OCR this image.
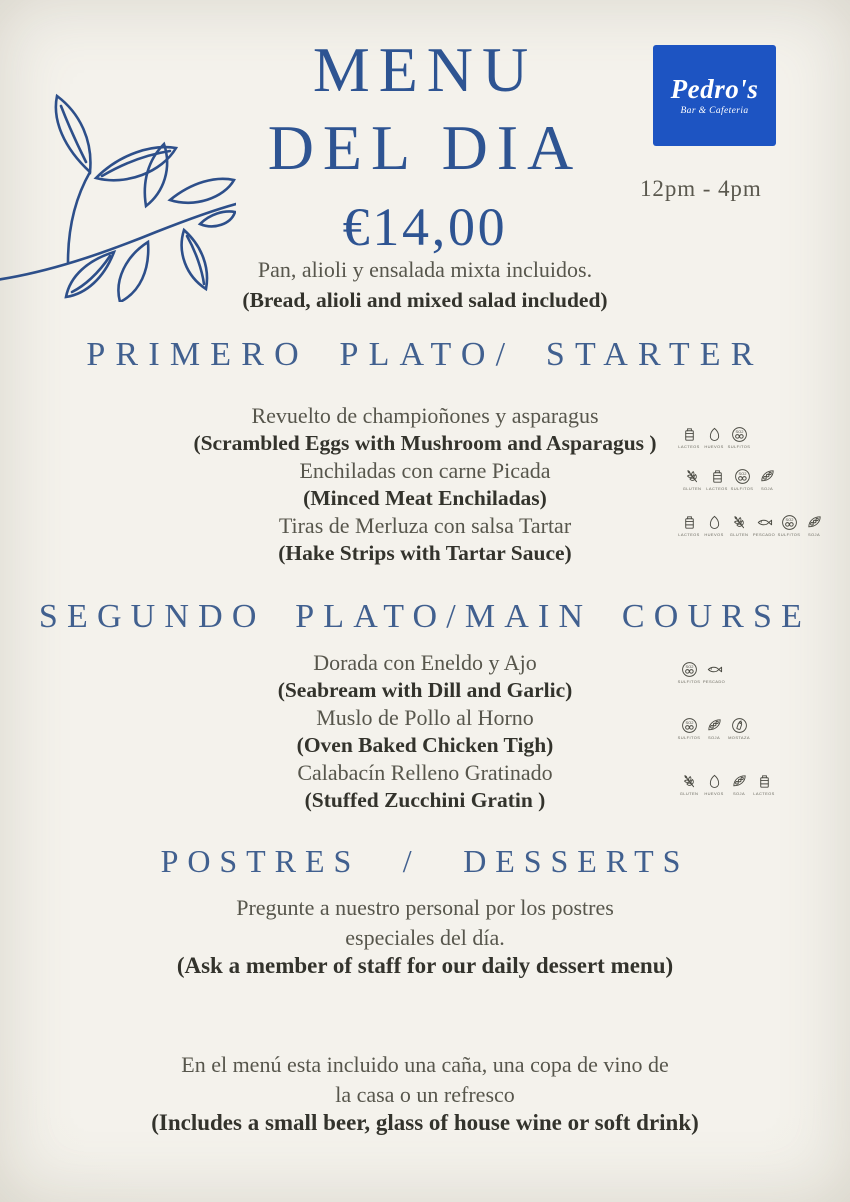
MENU
DEL DIA
€14,00
Pedro's
Bar & Cafeteria
12pm - 4pm
Pan, alioli y ensalada mixta incluidos.
(Bread, alioli and mixed salad included)
PRIMERO PLATO/ STARTER

Revuelto de champioñones y asparagus

(Scrambled Eggs with Mushroom and Asparagus )

Enchiladas con carne Picada

(Minced Meat Enchiladas)

Tiras de Merluza con salsa Tartar

(Hake Strips with Tartar Sauce)

LACTEOS HUEVOS SULFITOS
GLUTEN LACTEOS SULFITOS SOJA
LACTEOS HUEVOS GLUTEN PESCADO SULFITOS SOJA
SEGUNDO PLATO/MAIN COURSE

Dorada con Eneldo y Ajo

(Seabream with Dill and Garlic)

Muslo de Pollo al Horno

(Oven Baked Chicken Tigh)

Calabacín Relleno Gratinado

(Stuffed Zucchini Gratin )

SULFITOS PESCADO
SULFITOS SOJA MOSTAZA
GLUTEN HUEVOS SOJA LACTEOS
POSTRES / DESSERTS
Pregunte a nuestro personal por los postres
especiales del día.
(Ask a member of staff for our daily dessert menu)
En el menú esta incluido una caña, una copa de vino de
la casa o un refresco
(Includes a small beer, glass of house wine or soft drink)
